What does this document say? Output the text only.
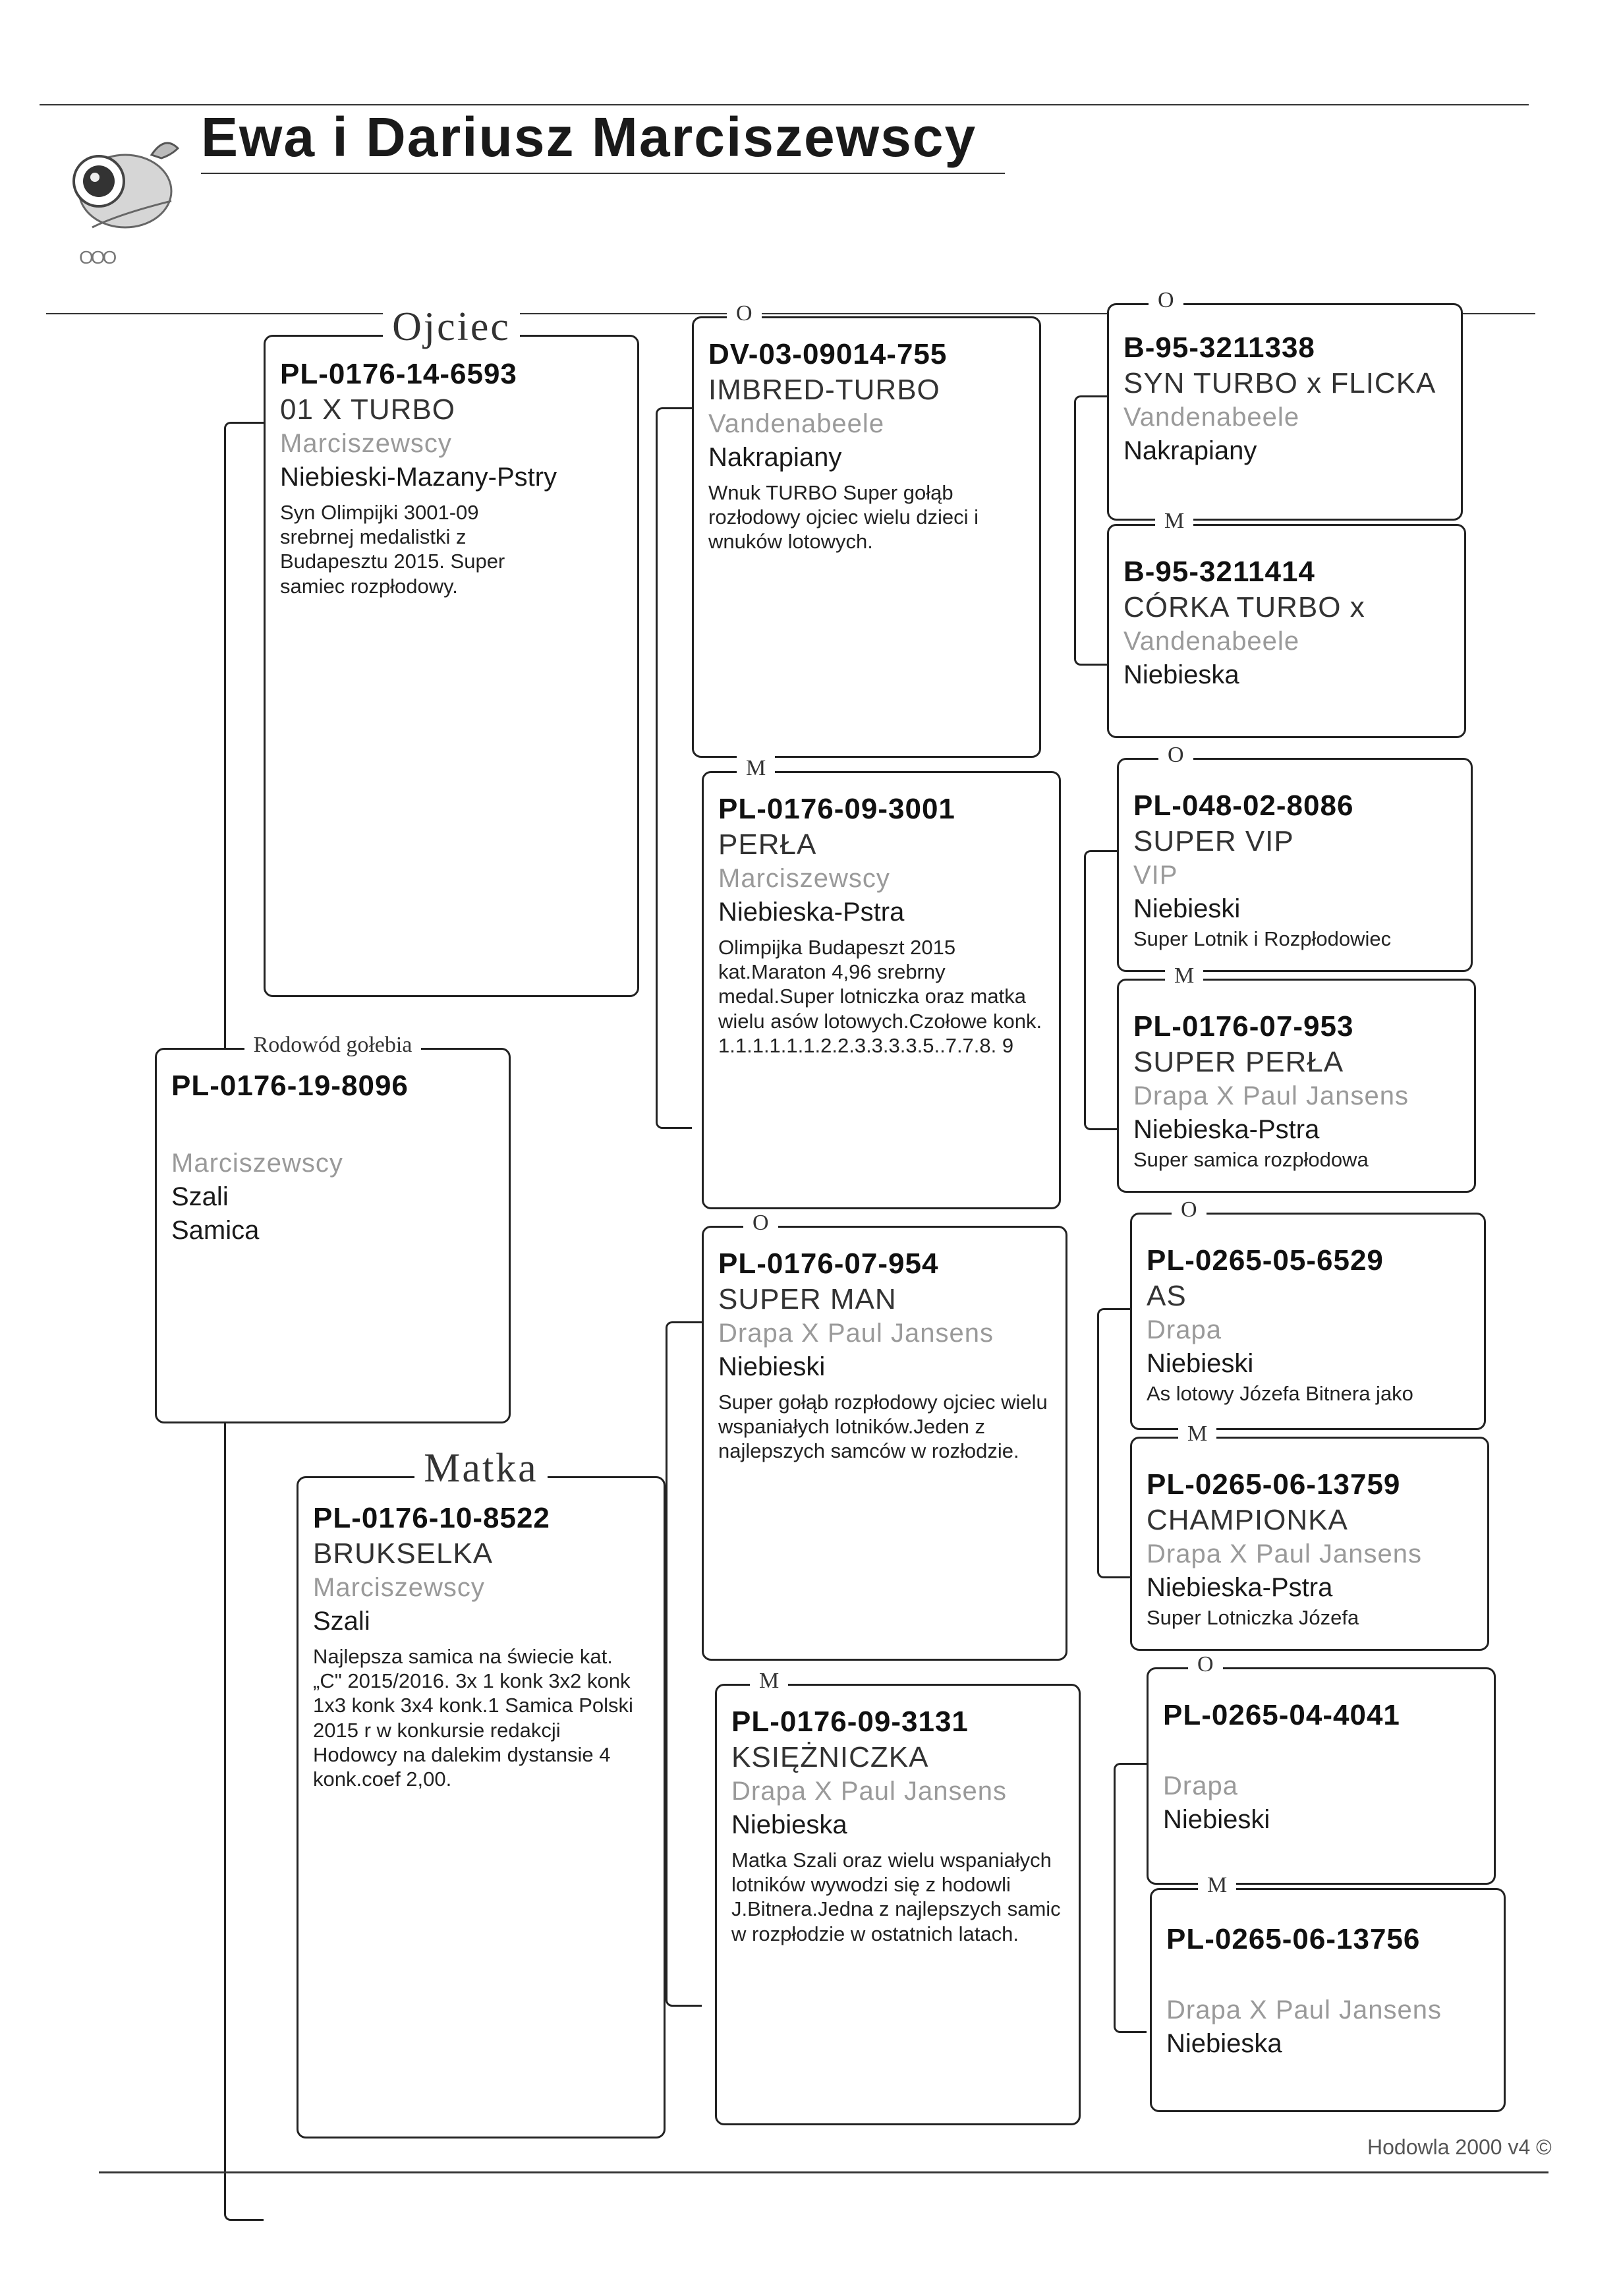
OOO
Ewa i Dariusz Marciszewscy
Rodowód gołebia
PL-0176-19-8096
Marciszewscy
Szali
Samica
Ojciec
PL-0176-14-6593
01 X TURBO
Marciszewscy
Niebieski-Mazany-Pstry
Syn Olimpijki 3001-09 srebrnej medalistki z Budapesztu 2015. Super samiec rozpłodowy.
Matka
PL-0176-10-8522
BRUKSELKA
Marciszewscy
Szali
Najlepsza samica na świecie kat. „C" 2015/2016. 3x 1 konk 3x2 konk 1x3 konk 3x4 konk.1 Samica Polski 2015 r w konkursie redakcji Hodowcy na dalekim dystansie 4 konk.coef 2,00.
O
DV-03-09014-755
IMBRED-TURBO
Vandenabeele
Nakrapiany
Wnuk TURBO Super gołąb rozłodowy ojciec wielu dzieci i wnuków lotowych.
M
PL-0176-09-3001
PERŁA
Marciszewscy
Niebieska-Pstra
Olimpijka Budapeszt 2015 kat.Maraton 4,96 srebrny medal.Super lotniczka oraz matka wielu asów lotowych.Czołowe konk. 1.1.1.1.1.1.2.2.3.3.3.3.5..7.7.8. 9
O
PL-0176-07-954
SUPER MAN
Drapa X Paul Jansens
Niebieski
Super gołąb rozpłodowy ojciec wielu wspaniałych lotników.Jeden z najlepszych samców w rozłodzie.
M
PL-0176-09-3131
KSIĘŻNICZKA
Drapa X Paul Jansens
Niebieska
Matka Szali oraz wielu wspaniałych lotników wywodzi się z hodowli J.Bitnera.Jedna z najlepszych samic w rozpłodzie w ostatnich latach.
O
B-95-3211338
SYN TURBO x FLICKA
Vandenabeele
Nakrapiany
M
B-95-3211414
CÓRKA TURBO x
Vandenabeele
Niebieska
O
PL-048-02-8086
SUPER VIP
VIP
Niebieski
Super Lotnik i Rozpłodowiec
M
PL-0176-07-953
SUPER PERŁA
Drapa X Paul Jansens
Niebieska-Pstra
Super samica rozpłodowa
O
PL-0265-05-6529
AS
Drapa
Niebieski
As lotowy Józefa Bitnera jako
M
PL-0265-06-13759
CHAMPIONKA
Drapa X Paul Jansens
Niebieska-Pstra
Super Lotniczka Józefa
O
PL-0265-04-4041
Drapa
Niebieski
M
PL-0265-06-13756
Drapa X Paul Jansens
Niebieska
Hodowla 2000 v4 ©
